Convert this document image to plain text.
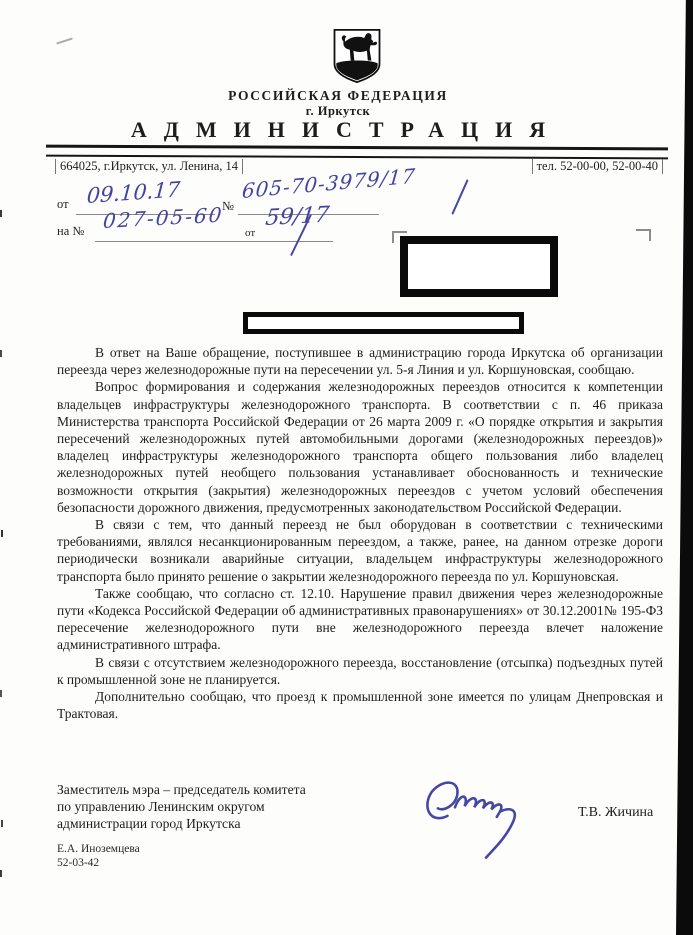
РОССИЙСКАЯ ФЕДЕРАЦИЯ
г. Иркутск
АДМИНИСТРАЦИЯ
664025, г.Иркутск, ул. Ленина, 14	тел. 52-00-00, 52-00-40
от 09.10.17	№
605-70-3979/17
на № 027-05-60 от
59/17

В ответ на Ваше обращение, поступившее в администрацию города Иркутска об организации переезда через железнодорожные пути на пересечении ул. 5-я Линия и ул. Коршуновская, сообщаю.

Вопрос формирования и содержания железнодорожных переездов относится к компетенции владельцев инфраструктуры железнодорожного транспорта. В соответствии с п. 46 приказа Министерства транспорта Российской Федерации от 26 марта 2009 г. «О порядке открытия и закрытия пересечений железнодорожных путей автомобильными дорогами (железнодорожных переездов)» владелец инфраструктуры железнодорожного транспорта общего пользования либо владелец железнодорожных путей необщего пользования устанавливает обоснованность и технические возможности открытия (закрытия) железнодорожных переездов с учетом условий обеспечения безопасности дорожного движения, предусмотренных законодательством Российской Федерации.

В связи с тем, что данный переезд не был оборудован в соответствии с техническими требованиями, являлся несанкционированным переездом, а также, ранее, на данном отрезке дороги периодически возникали аварийные ситуации, владельцем инфраструктуры железнодорожного транспорта было принято решение о закрытии железнодорожного переезда по ул. Коршуновская.

Также сообщаю, что согласно ст. 12.10. Нарушение правил движения через железнодорожные пути «Кодекса Российской Федерации об административных правонарушениях» от 30.12.2001№ 195-ФЗ пересечение железнодорожного пути вне железнодорожного переезда влечет наложение административного штрафа.

В связи с отсутствием железнодорожного переезда, восстановление (отсыпка) подъездных путей к промышленной зоне не планируется.

Дополнительно сообщаю, что проезд к промышленной зоне имеется по улицам Днепровская и Трактовая.

Заместитель мэра – председатель комитета
по управлению Ленинским округом
администрации город Иркутска
Т.В. Жичина
Е.А. Иноземцева
52-03-42
